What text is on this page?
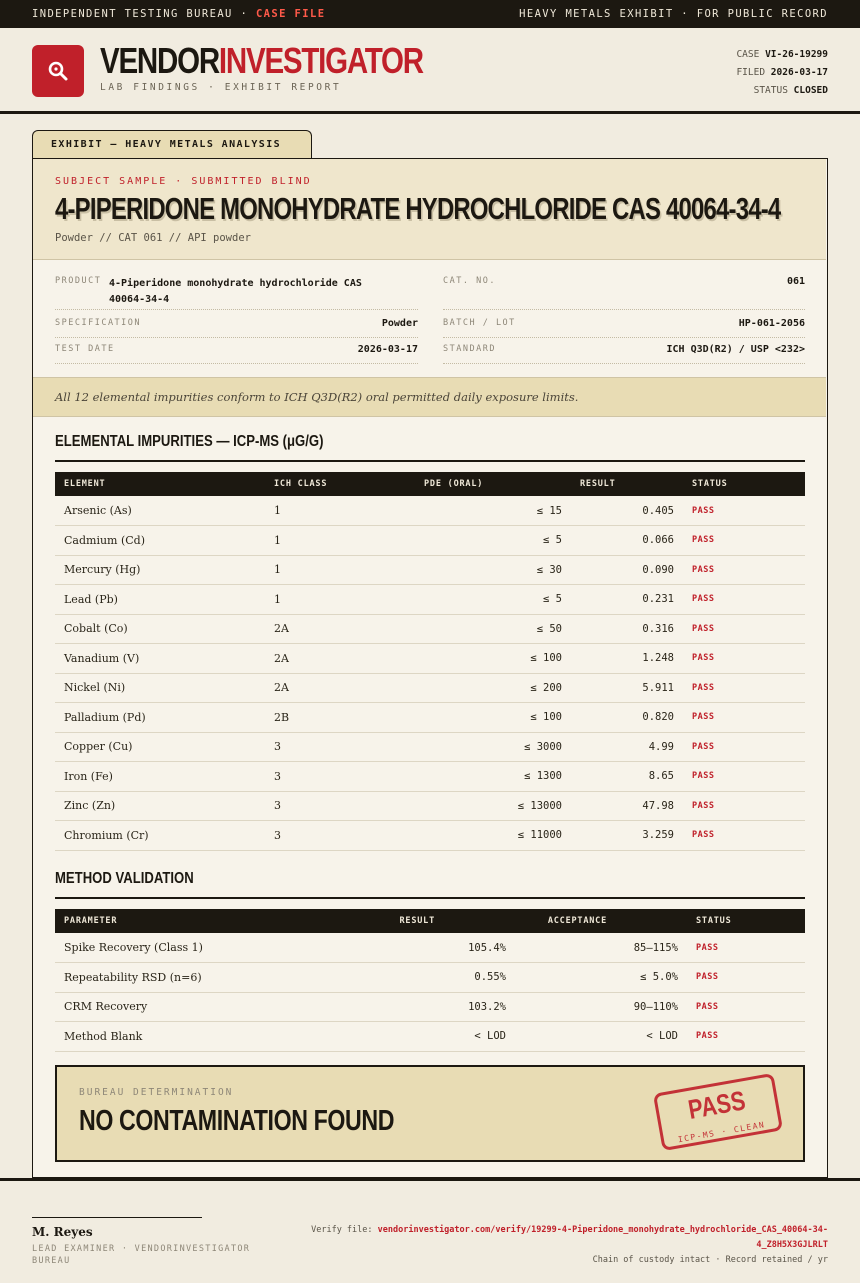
INDEPENDENT TESTING BUREAU · CASE FILE	HEAVY METALS EXHIBIT · FOR PUBLIC RECORD
VENDORINVESTIGATOR
LAB FINDINGS · EXHIBIT REPORT
CASE VI-26-19299
FILED 2026-03-17
STATUS CLOSED
EXHIBIT — HEAVY METALS ANALYSIS
SUBJECT SAMPLE · SUBMITTED BLIND
4-PIPERIDONE MONOHYDRATE HYDROCHLORIDE CAS 40064-34-4
Powder // CAT 061 // API powder
PRODUCT 4-Piperidone monohydrate hydrochloride CAS 40064-34-4
CAT. NO.	061
SPECIFICATION	Powder	BATCH / LOT	HP-061-2056
TEST DATE	2026-03-17	STANDARD	ICH Q3D(R2) / USP <232>
All 12 elemental impurities conform to ICH Q3D(R2) oral permitted daily exposure limits.
ELEMENTAL IMPURITIES — ICP-MS (μG/G)
ELEMENT	ICH CLASS	PDE (ORAL)	RESULT	STATUS
Arsenic (As)	1	≤ 15	0.405	PASS
Cadmium (Cd)	1	≤ 5	0.066	PASS
Mercury (Hg)	1	≤ 30	0.090	PASS
Lead (Pb)	1	≤ 5	0.231	PASS
Cobalt (Co)	2A	≤ 50	0.316	PASS
Vanadium (V)	2A	≤ 100	1.248	PASS
Nickel (Ni)	2A	≤ 200	5.911	PASS
Palladium (Pd)	2B	≤ 100	0.820	PASS
Copper (Cu)	3	≤ 3000	4.99	PASS
Iron (Fe)	3	≤ 1300	8.65	PASS
Zinc (Zn)	3	≤ 13000	47.98	PASS
Chromium (Cr)	3	≤ 11000	3.259	PASS
METHOD VALIDATION
PARAMETER	RESULT	ACCEPTANCE	STATUS
Spike Recovery (Class 1)	105.4%	85–115%	PASS
Repeatability RSD (n=6)	0.55%	≤ 5.0%	PASS
CRM Recovery	103.2%	90–110%	PASS
Method Blank	< LOD	< LOD	PASS
BUREAU DETERMINATION
NO CONTAMINATION FOUND	PASS
ICP-MS · CLEAN
M. Reyes
LEAD EXAMINER · VENDORINVESTIGATOR BUREAU
Verify file: vendorinvestigator.com/verify/19299-4-Piperidone_monohydrate_hydrochloride_CAS_40064-34-4_Z8H5X3GJLRLT
Chain of custody intact · Record retained / yr
